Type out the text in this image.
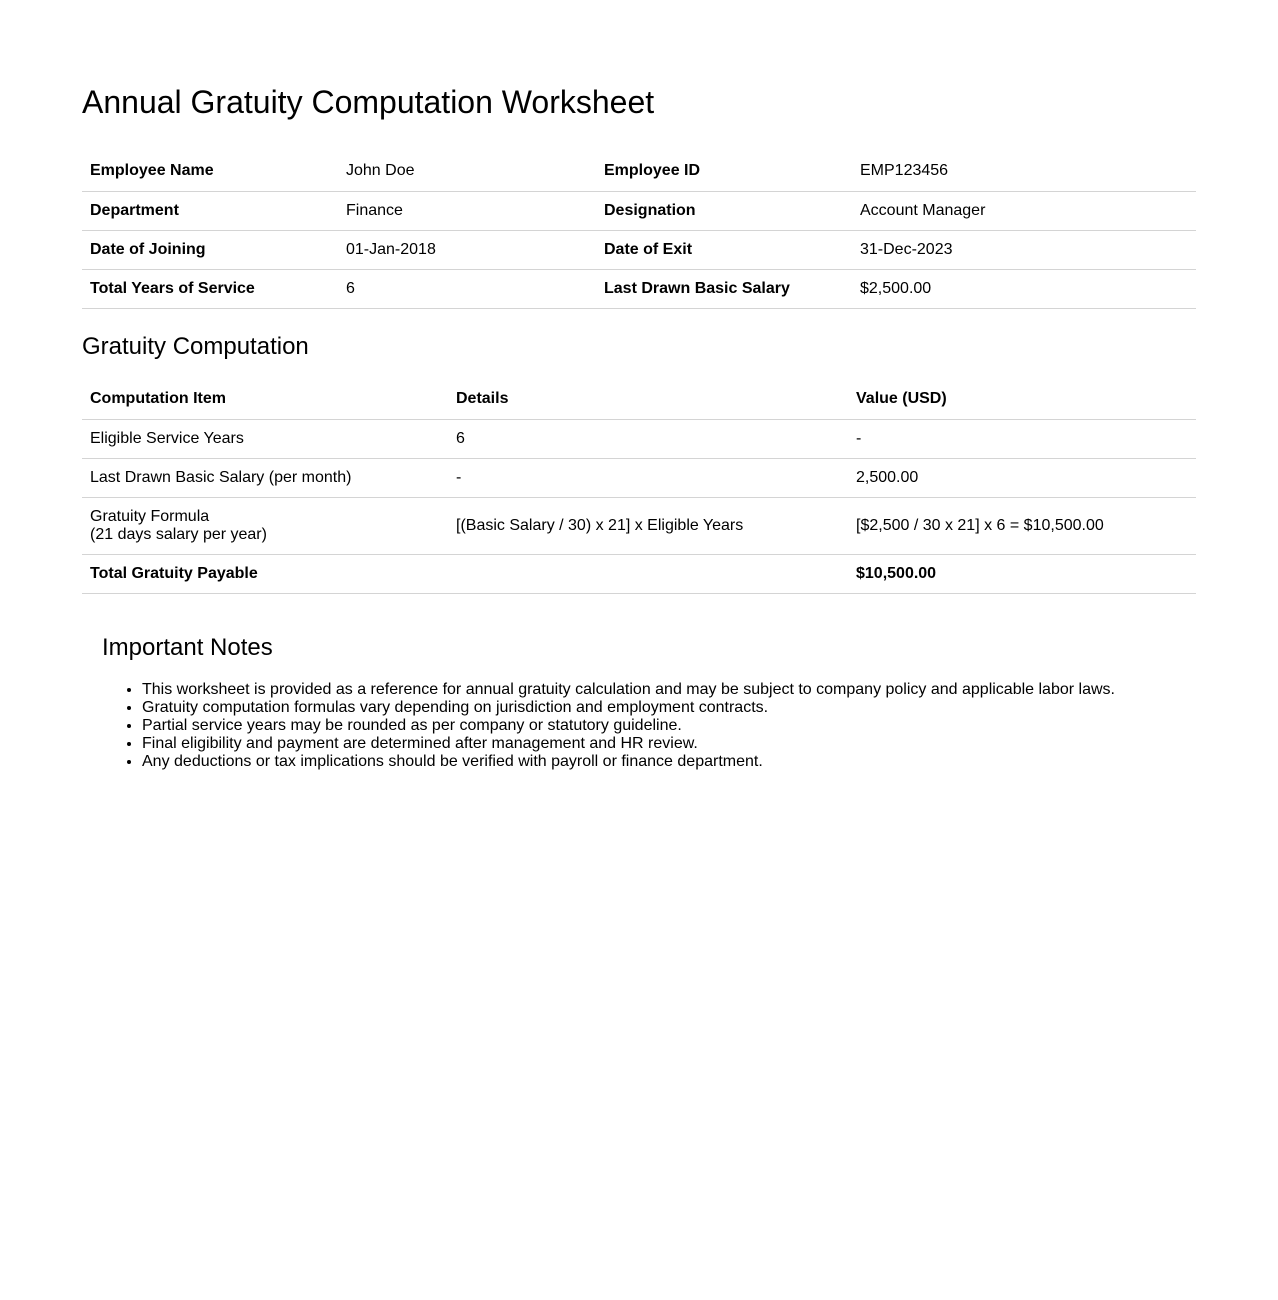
Annual Gratuity Computation Worksheet
Employee Name	John Doe	Employee ID	EMP123456
Department	Finance	Designation	Account Manager
Date of Joining	01-Jan-2018	Date of Exit	31-Dec-2023
Total Years of Service	6	Last Drawn Basic Salary	$2,500.00
Gratuity Computation
Computation Item	Details	Value (USD)
Eligible Service Years	6	-
Last Drawn Basic Salary (per month)	-	2,500.00

Gratuity Formula
(21 days salary per year)	[(Basic Salary / 30) x 21] x Eligible Years	[$2,500 / 30 x 21] x 6 = $10,500.00
Total Gratuity Payable		$10,500.00
Important Notes
• This worksheet is provided as a reference for annual gratuity calculation and may be subject to company policy and applicable labor laws.
• Gratuity computation formulas vary depending on jurisdiction and employment contracts.
• Partial service years may be rounded as per company or statutory guideline.
• Final eligibility and payment are determined after management and HR review.
• Any deductions or tax implications should be verified with payroll or finance department.
